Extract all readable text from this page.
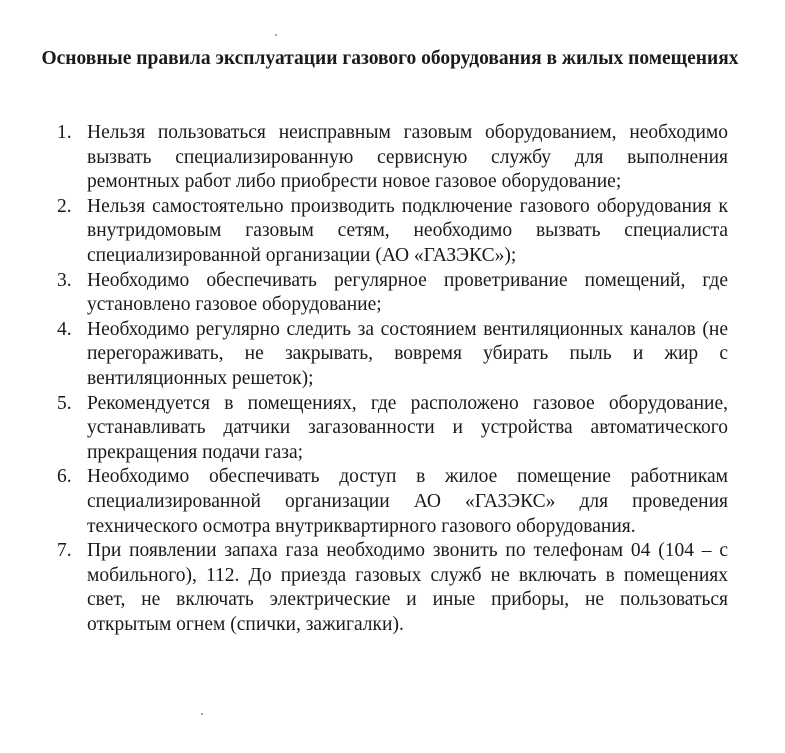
Основные правила эксплуатации газового оборудования в жилых помещениях
1. Нельзя пользоваться неисправным газовым оборудованием, необходимо вызвать специализированную сервисную службу для выполнения ремонтных работ либо приобрести новое газовое оборудование;
2. Нельзя самостоятельно производить подключение газового оборудования к внутридомовым газовым сетям, необходимо вызвать специалиста специализированной организации (АО «ГАЗЭКС»);
3. Необходимо обеспечивать регулярное проветривание помещений, где установлено газовое оборудование;
4. Необходимо регулярно следить за состоянием вентиляционных каналов (не перегораживать, не закрывать, вовремя убирать пыль и жир с вентиляционных решеток);
5. Рекомендуется в помещениях, где расположено газовое оборудование, устанавливать датчики загазованности и устройства автоматического прекращения подачи газа;
6. Необходимо обеспечивать доступ в жилое помещение работникам специализированной организации АО «ГАЗЭКС» для проведения технического осмотра внутриквартирного газового оборудования.
7. При появлении запаха газа необходимо звонить по телефонам 04 (104 – с мобильного), 112. До приезда газовых служб не включать в помещениях свет, не включать электрические и иные приборы, не пользоваться открытым огнем (спички, зажигалки).
